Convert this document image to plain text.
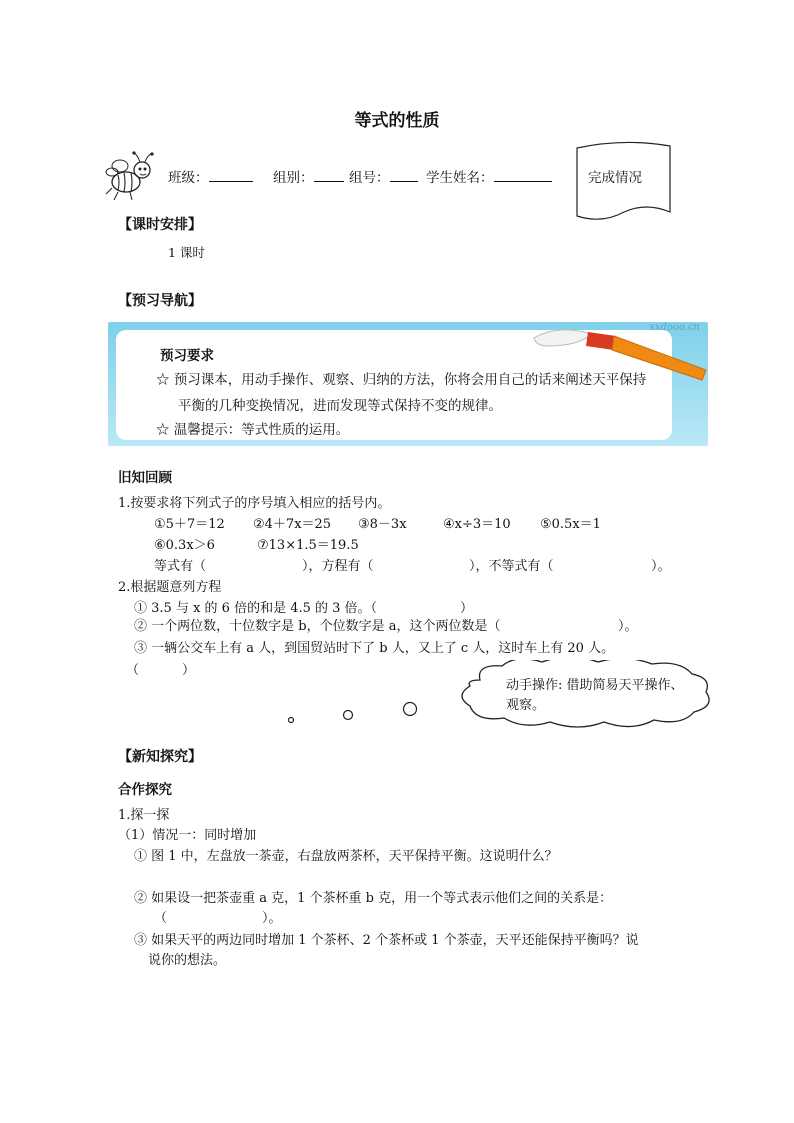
等式的性质
班级：	组别：	组号：	学生姓名：	完成情况
【课时安排】
1 课时
【预习导航】
xxdooo.cn
预习要求
☆ 预习课本，用动手操作、观察、归纳的方法，你将会用自己的话来阐述天平保持
平衡的几种变换情况，进而发现等式保持不变的规律。
☆ 温馨提示：等式性质的运用。
旧知回顾
1.按要求将下列式子的序号填入相应的括号内。
①5＋7＝12 ②4＋7x＝25 ③8－3x	④x÷3＝10 ⑤0.5x＝1
⑥0.3x＞6	⑦13×1.5＝19.5
等式有（	），方程有（	），不等式有（	）。
2.根据题意列方程
① 3.5 与 x 的 6 倍的和是 4.5 的 3 倍。（	）
② 一个两位数，十位数字是 b，个位数字是 a，这个两位数是（	）。
③ 一辆公交车上有 a 人，到国贸站时下了 b 人，又上了 c 人，这时车上有 20 人。
（	）
动手操作: 借助简易天平操作、
观察。
【新知探究】
合作探究
1.探一探
（1）情况一：同时增加
① 图 1 中，左盘放一茶壶，右盘放两茶杯，天平保持平衡。这说明什么？
② 如果设一把茶壶重 a 克，1 个茶杯重 b 克，用一个等式表示他们之间的关系是：
（	）。
③ 如果天平的两边同时增加 1 个茶杯、2 个茶杯或 1 个茶壶，天平还能保持平衡吗？说
说你的想法。
